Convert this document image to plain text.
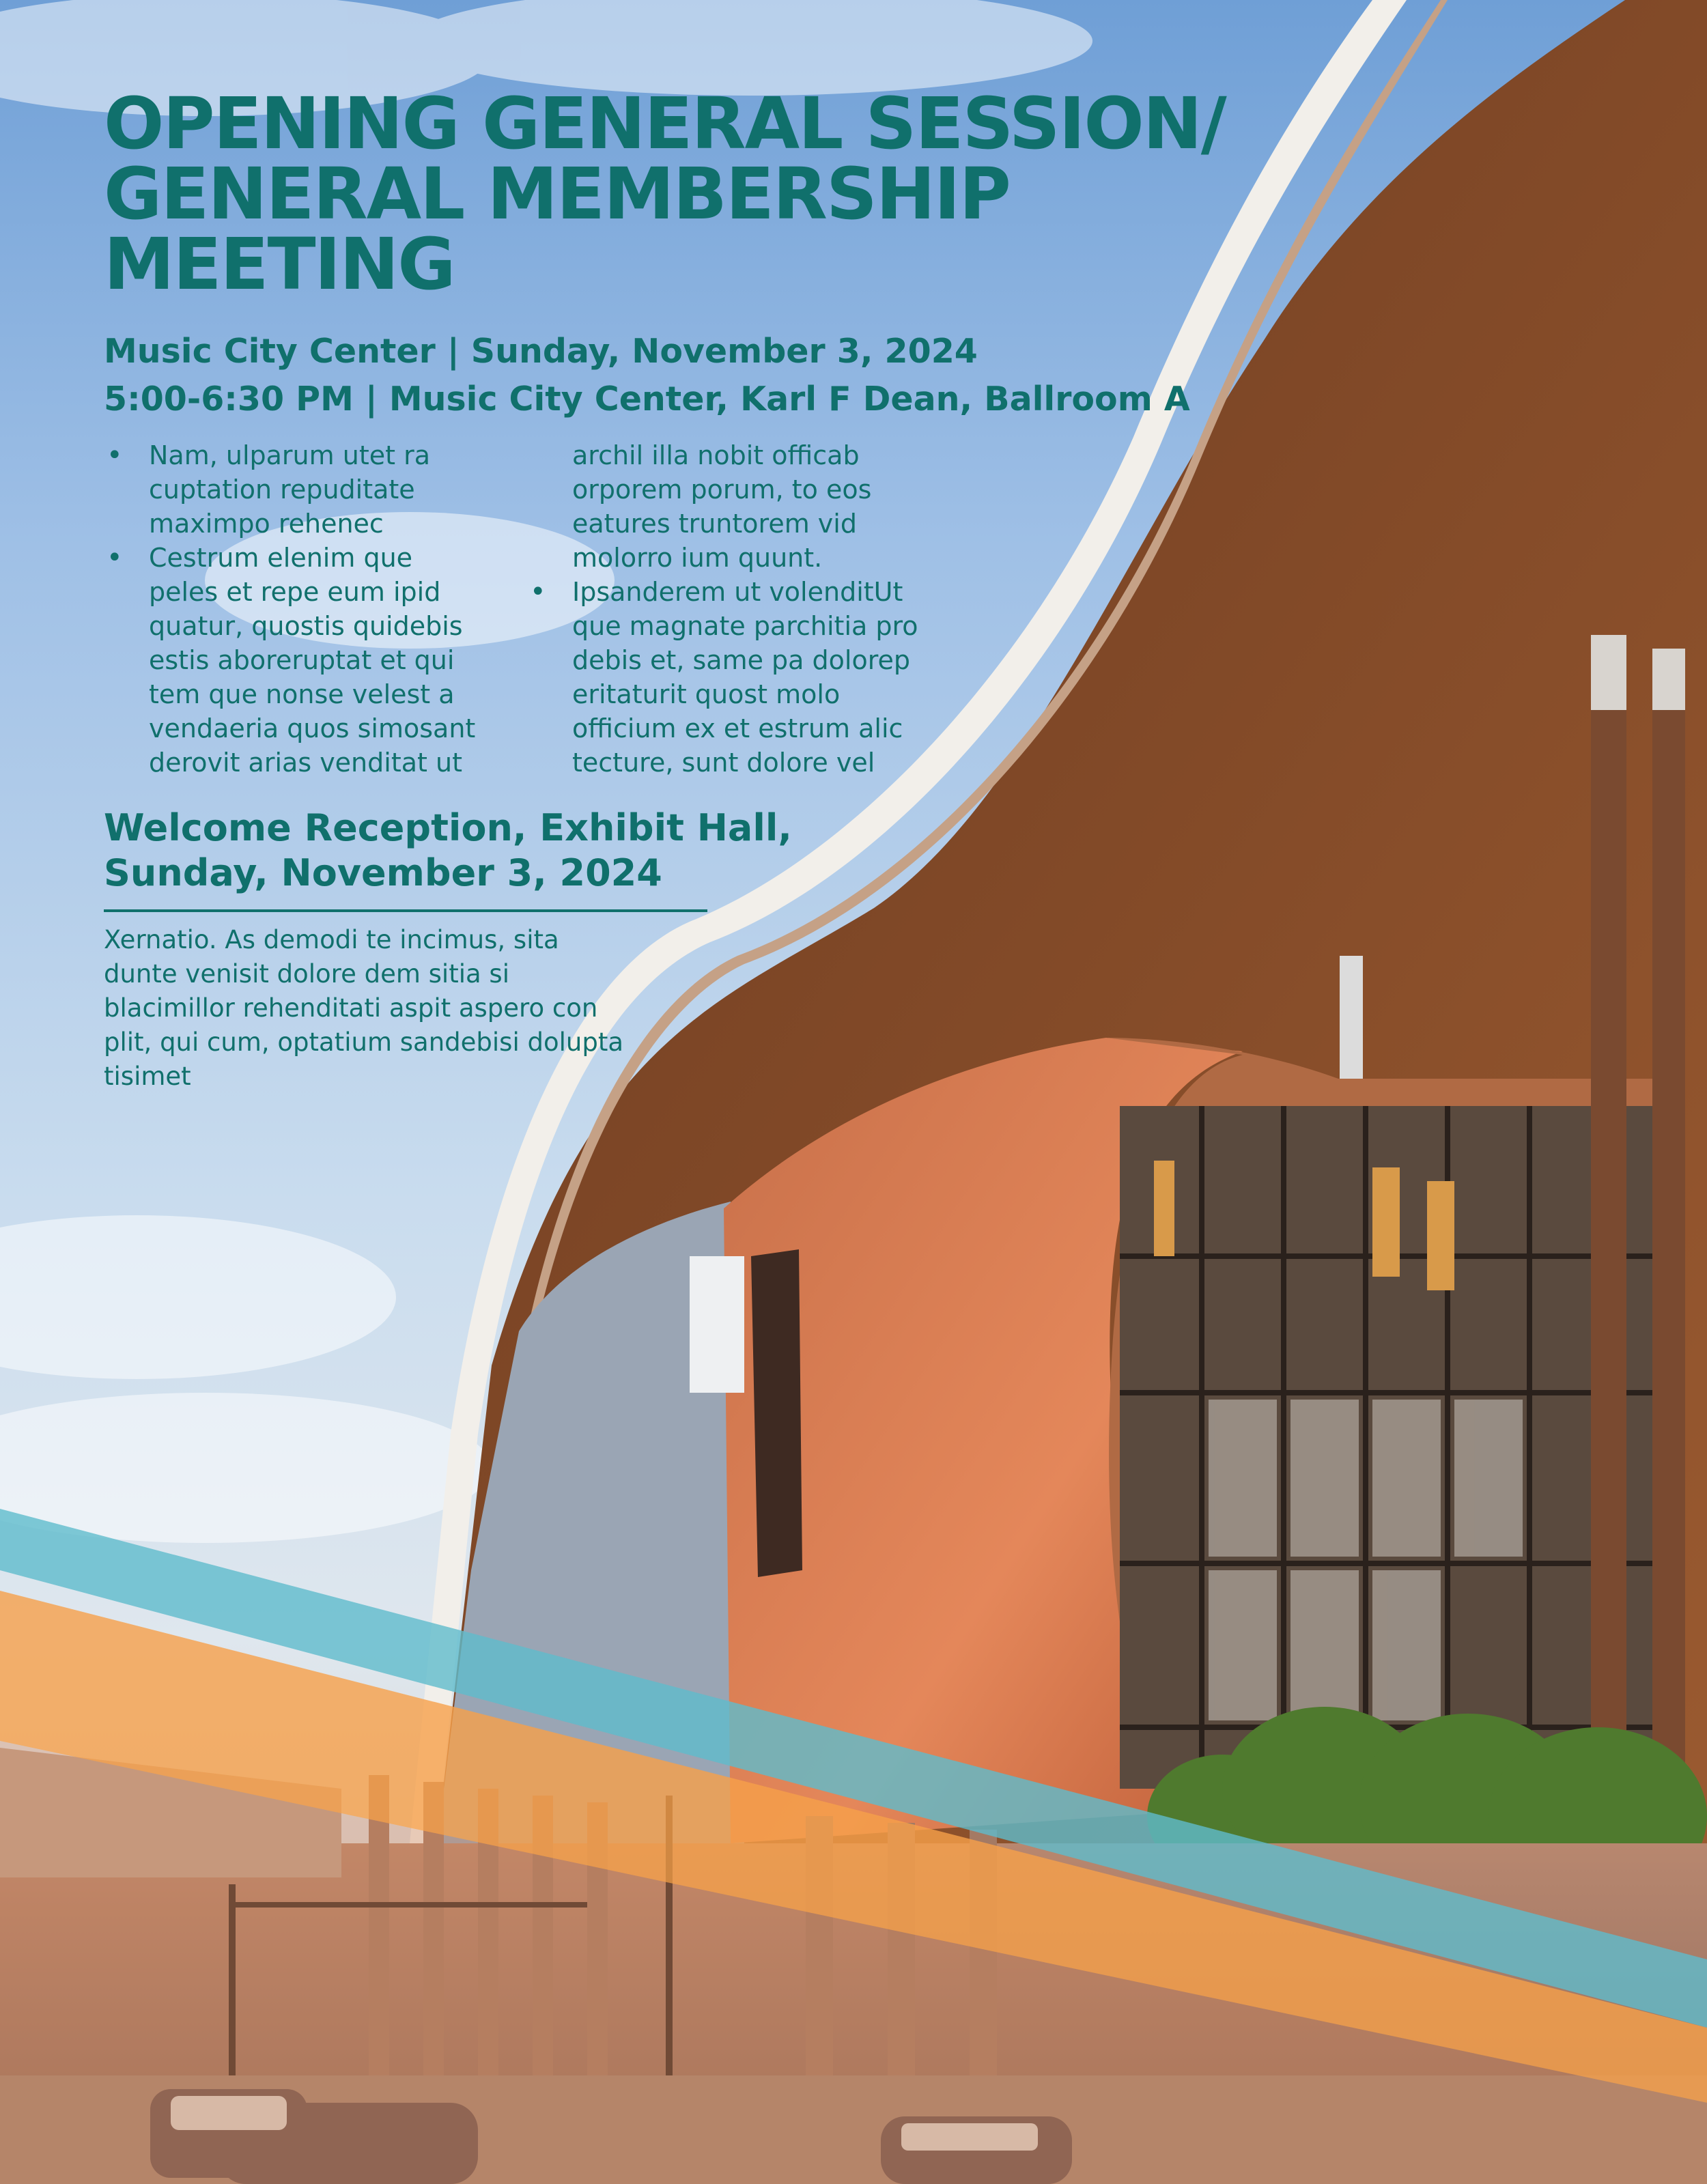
OPENING GENERAL SESSION/
GENERAL MEMBERSHIP
MEETING
Music City Center | Sunday, November 3, 2024
5:00-6:30 PM | Music City Center, Karl F Dean, Ballroom A
• Nam, ulparum utet ra cuptation repuditate maximpo rehenec
• Cestrum elenim que peles et repe eum ipid quatur, quostis quidebis estis aboreruptat et qui tem que nonse velest a vendaeria quos simosant derovit arias venditat ut
archil illa nobit officab orporem porum, to eos eatures truntorem vid molorro ium quunt.
• Ipsanderem ut volenditUt que magnate parchitia pro debis et, same pa dolorep eritaturit quost molo officium ex et estrum alic tecture, sunt dolore vel
Welcome Reception, Exhibit Hall,
Sunday, November 3, 2024
Xernatio. As demodi te incimus, sita dunte venisit dolore dem sitia si blacimillor rehenditati aspit aspero con plit, qui cum, optatium sandebisi dolupta tisimet
